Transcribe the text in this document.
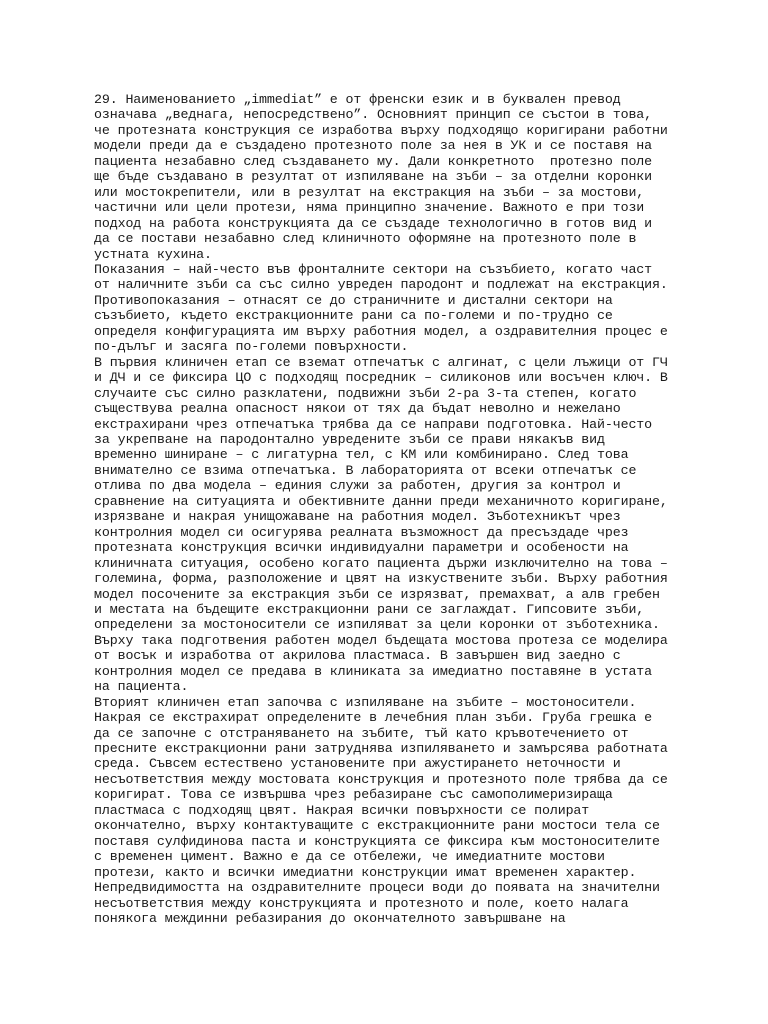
29. Наименованието „immediat” е от френски език и в буквален превод
означава „веднага, непосредствено”. Основният принцип се състои в това,
че протезната конструкция се изработва върху подходящо коригирани работни
модели преди да е създадено протезното поле за нея в УК и се поставя на
пациента незабавно след създаването му. Дали конкретното  протезно поле
ще бъде създавано в резултат от изпиляване на зъби – за отделни коронки
или мостокрепители, или в резултат на екстракция на зъби – за мостови,
частични или цели протези, няма принципно значение. Важното е при този
подход на работа конструкцията да се създаде технологично в готов вид и
да се постави незабавно след клиничното оформяне на протезното поле в
устната кухина.
Показания – най-често във фронталните сектори на съзъбието, когато част
от наличните зъби са със силно увреден пародонт и подлежат на екстракция.
Противопоказания – отнасят се до страничните и дистални сектори на
съзъбието, където екстракционните рани са по-големи и по-трудно се
определя конфигурацията им върху работния модел, а оздравителния процес е
по-дълъг и засяга по-големи повърхности.
В първия клиничен етап се вземат отпечатък с алгинат, с цели лъжици от ГЧ
и ДЧ и се фиксира ЦО с подходящ посредник – силиконов или восъчен ключ. В
случаите със силно разклатени, подвижни зъби 2-ра 3-та степен, когато
съществува реална опасност някои от тях да бъдат неволно и нежелано
екстрахирани чрез отпечатъка трябва да се направи подготовка. Най-често
за укрепване на пародонтално увредените зъби се прави някакъв вид
временно шиниране – с лигатурна тел, с КМ или комбинирано. След това
внимателно се взима отпечатъка. В лабораторията от всеки отпечатък се
отлива по два модела – единия служи за работен, другия за контрол и
сравнение на ситуацията и обективните данни преди механичното коригиране,
изрязване и накрая унищожаване на работния модел. Зъботехникът чрез
контролния модел си осигурява реалната възможност да пресъздаде чрез
протезната конструкция всички индивидуални параметри и особености на
клиничната ситуация, особено когато пациента държи изключително на това –
големина, форма, разположение и цвят на изкуствените зъби. Върху работния
модел посочените за екстракция зъби се изрязват, премахват, а алв гребен
и местата на бъдещите екстракционни рани се заглаждат. Гипсовите зъби,
определени за мостоносители се изпиляват за цели коронки от зъботехника.
Върху така подготвения работен модел бъдещата мостова протеза се моделира
от восък и изработва от акрилова пластмаса. В завършен вид заедно с
контролния модел се предава в клиниката за имедиатно поставяне в устата
на пациента.
Вторият клиничен етап започва с изпиляване на зъбите – мостоносители.
Накрая се екстрахират определените в лечебния план зъби. Груба грешка е
да се започне с отстраняването на зъбите, тъй като кръвотечението от
пресните екстракционни рани затруднява изпиляването и замърсява работната
среда. Съвсем естествено установените при ажустирането неточности и
несъответствия между мостовата конструкция и протезното поле трябва да се
коригират. Това се извършва чрез ребазиране със самополимеризираща
пластмаса с подходящ цвят. Накрая всички повърхности се полират
окончателно, върху контактуващите с екстракционните рани мостоси тела се
поставя сулфидинова паста и конструкцията се фиксира към мостоносителите
с временен цимент. Важно е да се отбележи, че имедиатните мостови
протези, както и всички имедиатни конструкции имат временен характер.
Непредвидимостта на оздравителните процеси води до появата на значителни
несъответствия между конструкцията и протезното и поле, което налага
понякога междинни ребазирания до окончателното завършване на
